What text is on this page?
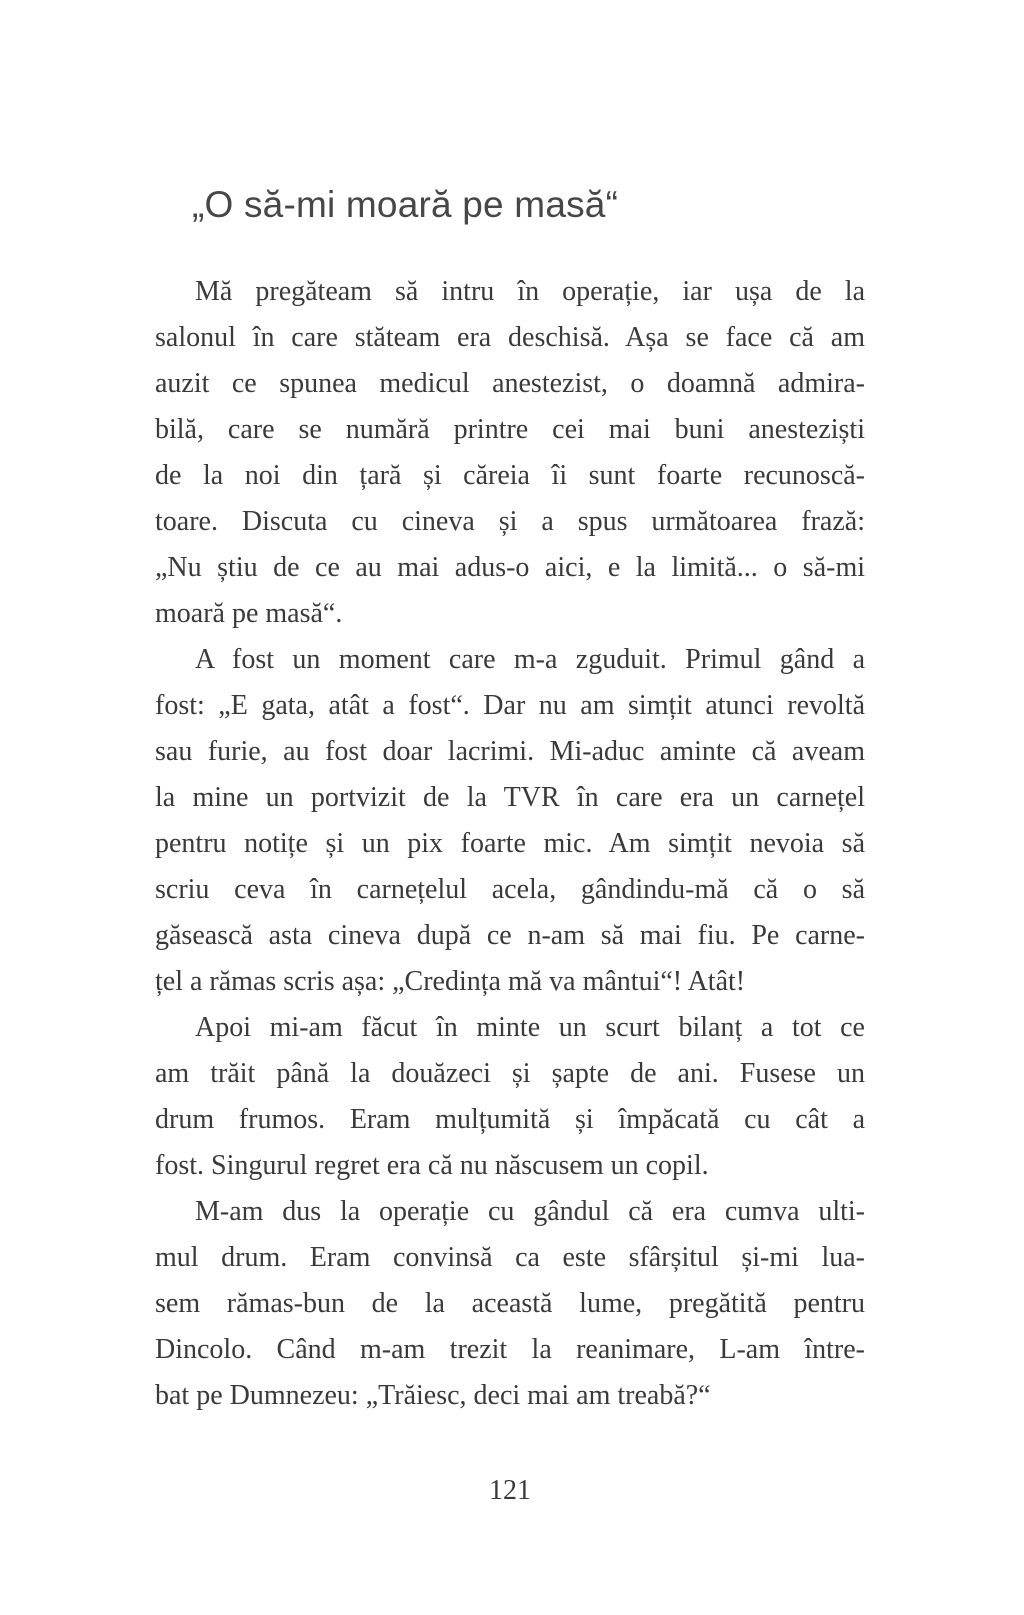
„O să-mi moară pe masă“
Mă pregăteam să intru în operație, iar ușa de la
salonul în care stăteam era deschisă. Așa se face că am
auzit ce spunea medicul anestezist, o doamnă admira-
bilă, care se numără printre cei mai buni anesteziști
de la noi din țară și căreia îi sunt foarte recunoscă-
toare. Discuta cu cineva și a spus următoarea frază:
„Nu știu de ce au mai adus-o aici, e la limită... o să-mi
moară pe masă“.
A fost un moment care m-a zguduit. Primul gând a
fost: „E gata, atât a fost“. Dar nu am simțit atunci revoltă
sau furie, au fost doar lacrimi. Mi-aduc aminte că aveam
la mine un portvizit de la TVR în care era un carnețel
pentru notițe și un pix foarte mic. Am simțit nevoia să
scriu ceva în carnețelul acela, gândindu-mă că o să
găsească asta cineva după ce n-am să mai fiu. Pe carne-
țel a rămas scris așa: „Credința mă va mântui“! Atât!
Apoi mi-am făcut în minte un scurt bilanț a tot ce
am trăit până la douăzeci și șapte de ani. Fusese un
drum frumos. Eram mulțumită și împăcată cu cât a
fost. Singurul regret era că nu născusem un copil.
M-am dus la operație cu gândul că era cumva ulti-
mul drum. Eram convinsă ca este sfârșitul și-mi lua-
sem rămas-bun de la această lume, pregătită pentru
Dincolo. Când m-am trezit la reanimare, L-am între-
bat pe Dumnezeu: „Trăiesc, deci mai am treabă?“
121
